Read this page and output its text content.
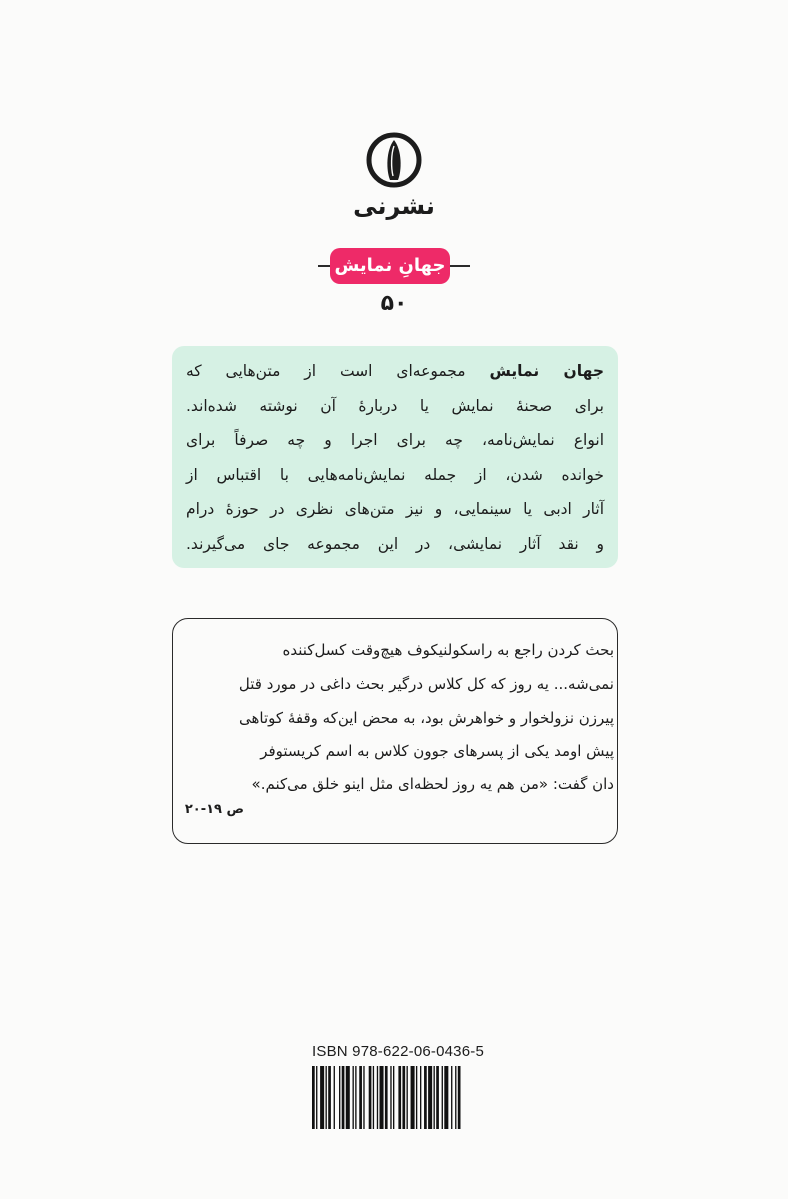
نشرنی
جهانِ نمایش
۵۰
جهان نمایش مجموعه‌ای است از متن‌هایی که
برای صحنهٔ نمایش یا دربارهٔ آن نوشته شده‌اند.
انواع نمایش‌نامه، چه برای اجرا و چه صرفاً برای
خوانده شدن، از جمله نمایش‌نامه‌هایی با اقتباس از
آثار ادبی یا سینمایی، و نیز متن‌های نظری در حوزهٔ درام
و نقد آثار نمایشی، در این مجموعه جای می‌گیرند.
بحث کردن راجع به راسکولنیکوف هیچ‌وقت کسل‌کننده
نمی‌شه... یه روز که کل کلاس درگیر بحث داغی در مورد قتل
پیرزن نزولخوار و خواهرش بود، به محض این‌که وقفهٔ کوتاهی
پیش اومد یکی از پسرهای جوون کلاس به اسم کریستوفر
دان گفت: «من هم یه روز لحظه‌ای مثل اینو خلق می‌کنم.»
ص ۱۹-۲۰
ISBN 978-622-06-0436-5
